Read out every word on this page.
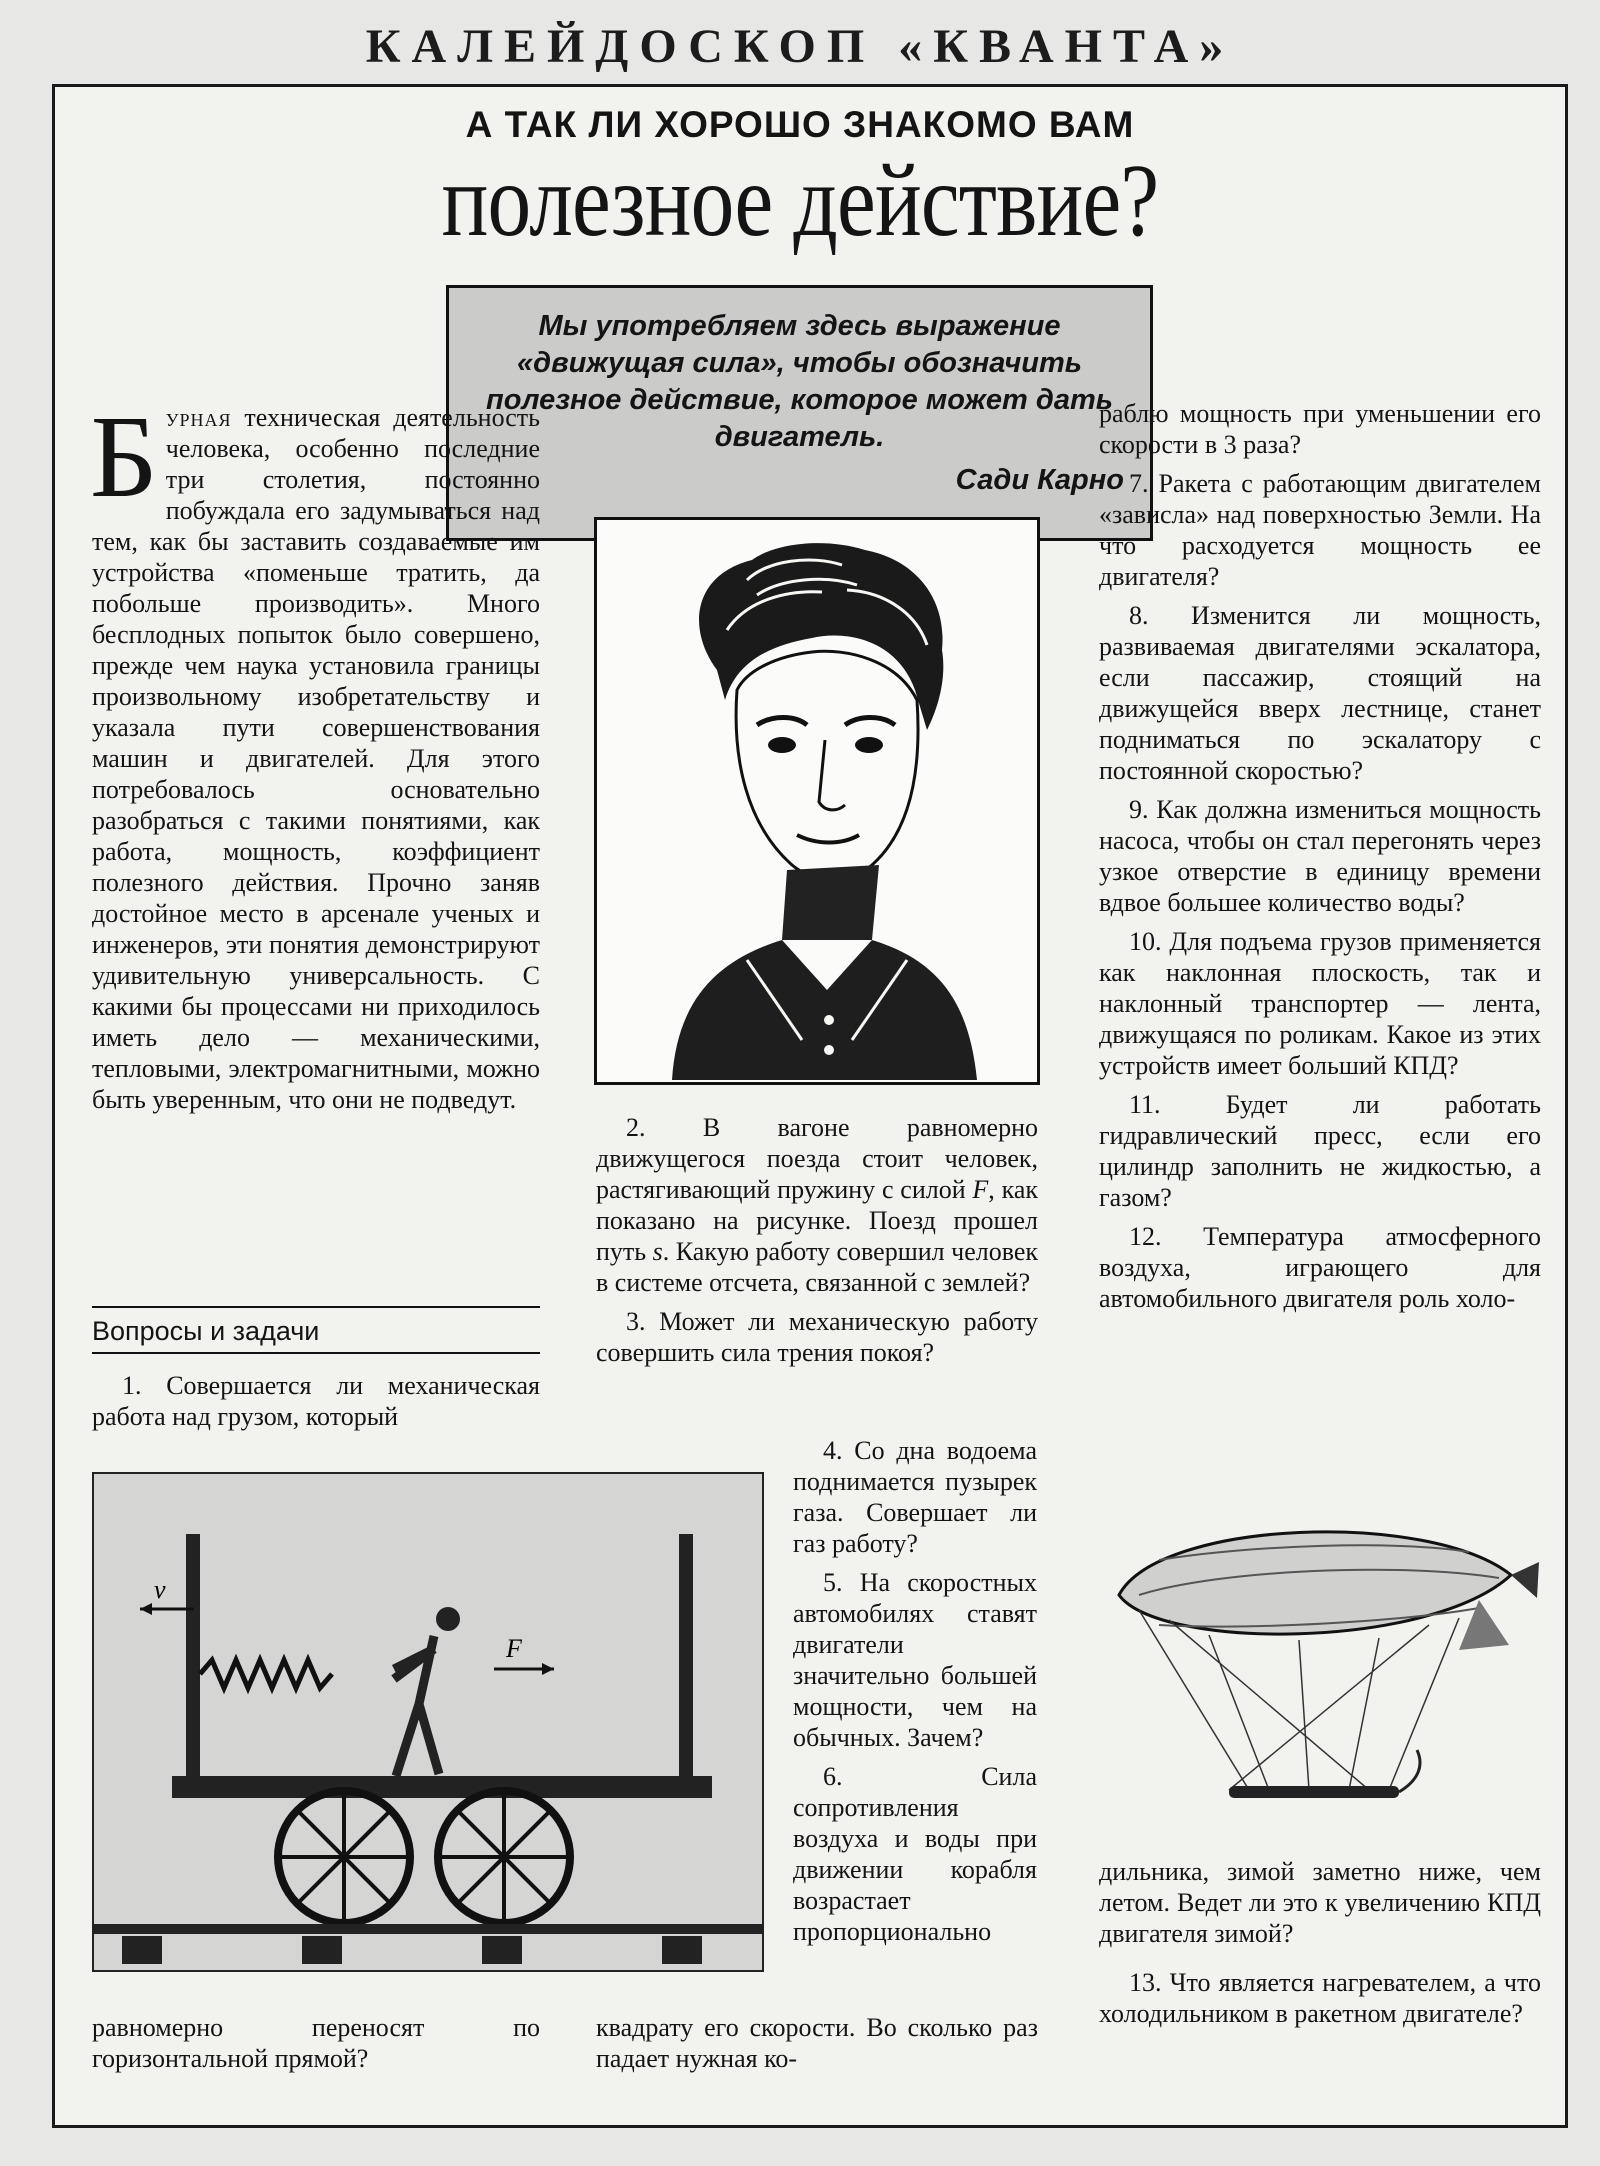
КАЛЕЙДОСКОП «КВАНТА»
А ТАК ЛИ ХОРОШО ЗНАКОМО ВАМ
полезное действие?
Мы употребляем здесь выражение «движущая сила», чтобы обозначить полезное действие, которое может дать двигатель.
Сади Карно

Бурная техническая деятельность человека, особенно последние три столетия, постоянно побуждала его задумываться над тем, как бы заставить создаваемые им устройства «поменьше тратить, да побольше производить». Много бесплодных попыток было совершено, прежде чем наука установила границы произвольному изобретательству и указала пути совершенствования машин и двигателей. Для этого потребовалось основательно разобраться с такими понятиями, как работа, мощность, коэффициент полезного действия. Прочно заняв достойное место в арсенале ученых и инженеров, эти понятия демонстрируют удивительную универсальность. С какими бы процессами ни приходилось иметь дело — механическими, тепловыми, электромагнитными, можно быть уверенным, что они не подведут.

Вопросы и задачи

1. Совершается ли механическая работа над грузом, который

v
F

равномерно переносят по горизонтальной прямой?

2. В вагоне равномерно движущегося поезда стоит человек, растягивающий пружину с силой F, как показано на рисунке. Поезд прошел путь s. Какую работу совершил человек в системе отсчета, связанной с землей?

3. Может ли механическую работу совершить сила трения покоя?

4. Со дна водоема поднимается пузырек газа. Совершает ли газ работу?

5. На скоростных автомобилях ставят двигатели значительно большей мощности, чем на обычных. Зачем?

6. Сила сопротивления воздуха и воды при движении корабля возрастает пропорционально

квадрату его скорости. Во сколько раз падает нужная ко-

раблю мощность при уменьшении его скорости в 3 раза?

7. Ракета с работающим двигателем «зависла» над поверхностью Земли. На что расходуется мощность ее двигателя?

8. Изменится ли мощность, развиваемая двигателями эскалатора, если пассажир, стоящий на движущейся вверх лестнице, станет подниматься по эскалатору с постоянной скоростью?

9. Как должна измениться мощность насоса, чтобы он стал перегонять через узкое отверстие в единицу времени вдвое большее количество воды?

10. Для подъема грузов применяется как наклонная плоскость, так и наклонный транспортер — лента, движущаяся по роликам. Какое из этих устройств имеет больший КПД?

11. Будет ли работать гидравлический пресс, если его цилиндр заполнить не жидкостью, а газом?

12. Температура атмосферного воздуха, играющего для автомобильного двигателя роль холо-

дильника, зимой заметно ниже, чем летом. Ведет ли это к увеличению КПД двигателя зимой?

13. Что является нагревателем, а что холодильником в ракетном двигателе?
